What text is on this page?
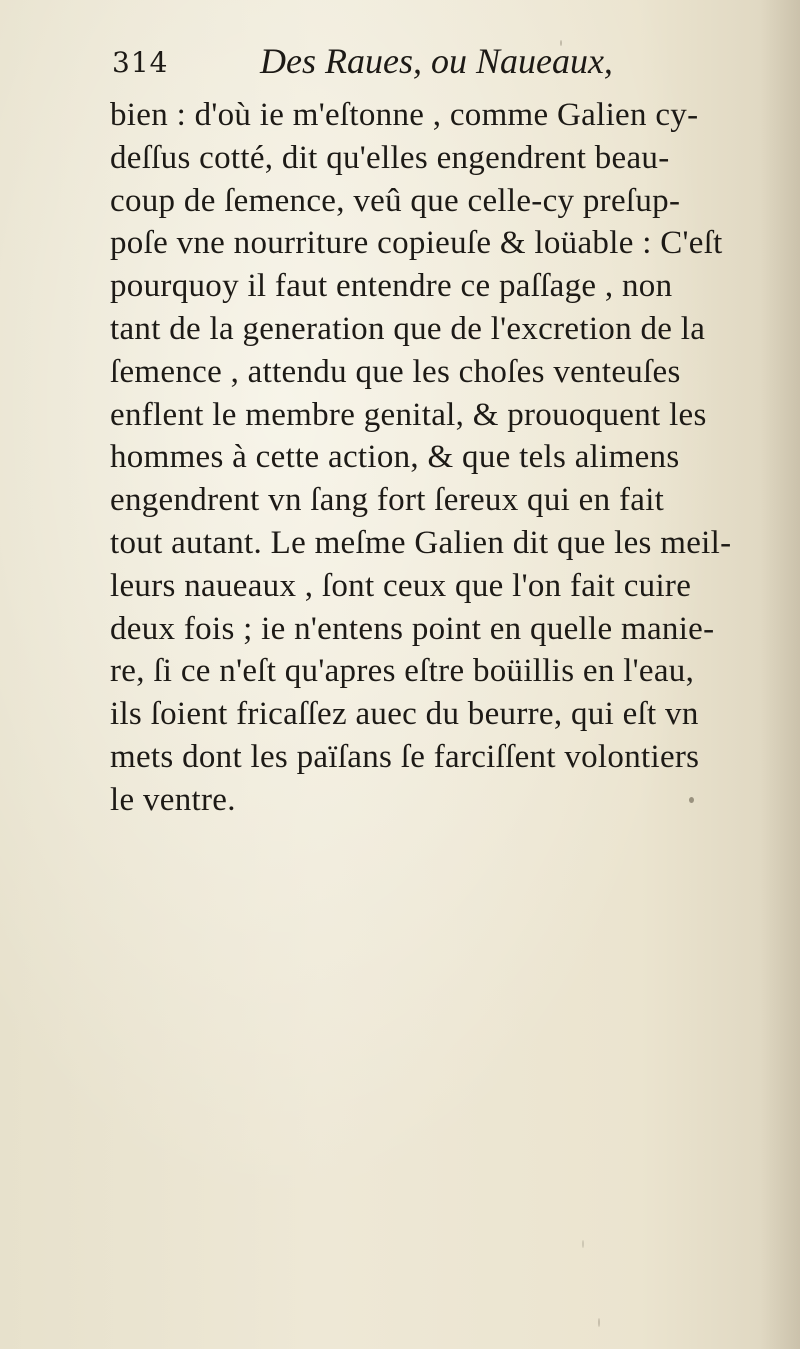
314	Des Raues, ou Naueaux,
bien : d'où ie m'eſtonne , comme Galien cy-
deſſus cotté, dit qu'elles engendrent beau-
coup de ſemence, veû que celle-cy preſup-
poſe vne nourriture copieuſe & loüable : C'eſt
pourquoy il faut entendre ce paſſage , non
tant de la generation que de l'excretion de la
ſemence , attendu que les choſes venteuſes
enflent le membre genital, & prouoquent les
hommes à cette action, & que tels alimens
engendrent vn ſang fort ſereux qui en fait
tout autant. Le meſme Galien dit que les meil-
leurs naueaux , ſont ceux que l'on fait cuire
deux fois ; ie n'entens point en quelle manie-
re, ſi ce n'eſt qu'apres eſtre boüillis en l'eau,
ils ſoient fricaſſez auec du beurre, qui eſt vn
mets dont les païſans ſe farciſſent volontiers
le ventre.
